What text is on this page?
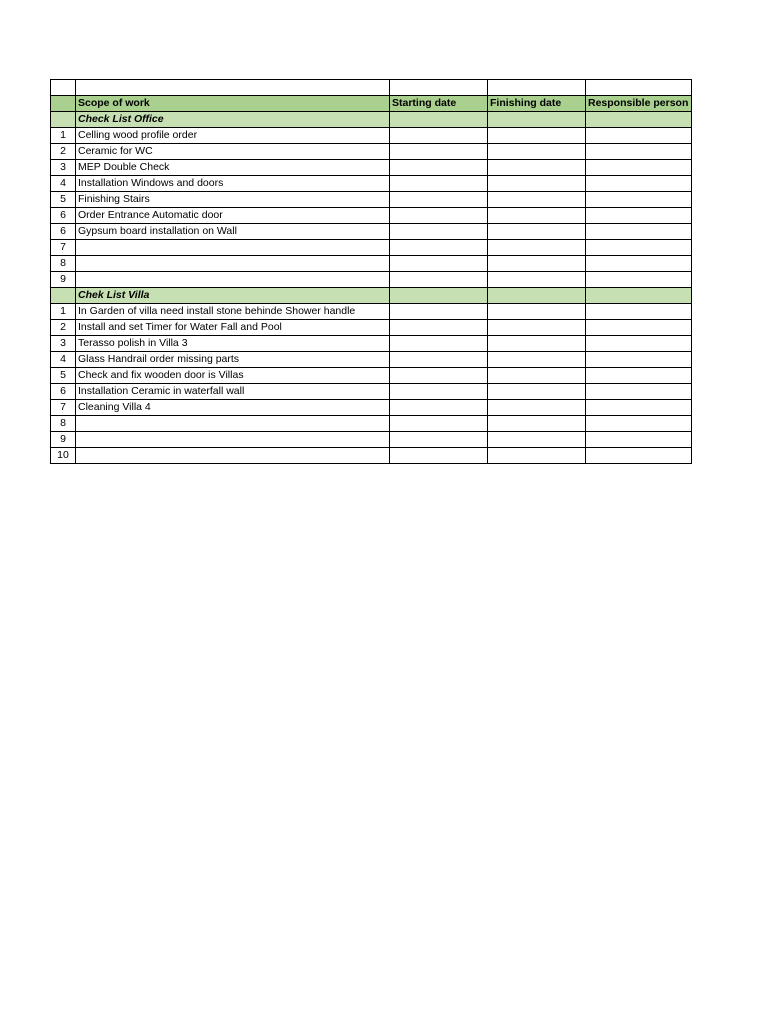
	Scope of work	Starting date	Finishing date	Responsible person
	Check List Office			
1	Celling wood profile order			
2	Ceramic for WC			
3	MEP Double Check			
4	Installation Windows and doors			
5	Finishing Stairs			
6	Order Entrance Automatic door			
6	Gypsum board installation on Wall			
7				
8				
9				
	Chek List Villa			
1	In Garden of villa need install stone behinde Shower handle			
2	Install and set Timer for Water Fall and Pool			
3	Terasso polish in Villa 3			
4	Glass Handrail order missing parts			
5	Check and fix wooden door is Villas			
6	Installation Ceramic in waterfall wall			
7	Cleaning Villa 4			
8				
9				
10				
